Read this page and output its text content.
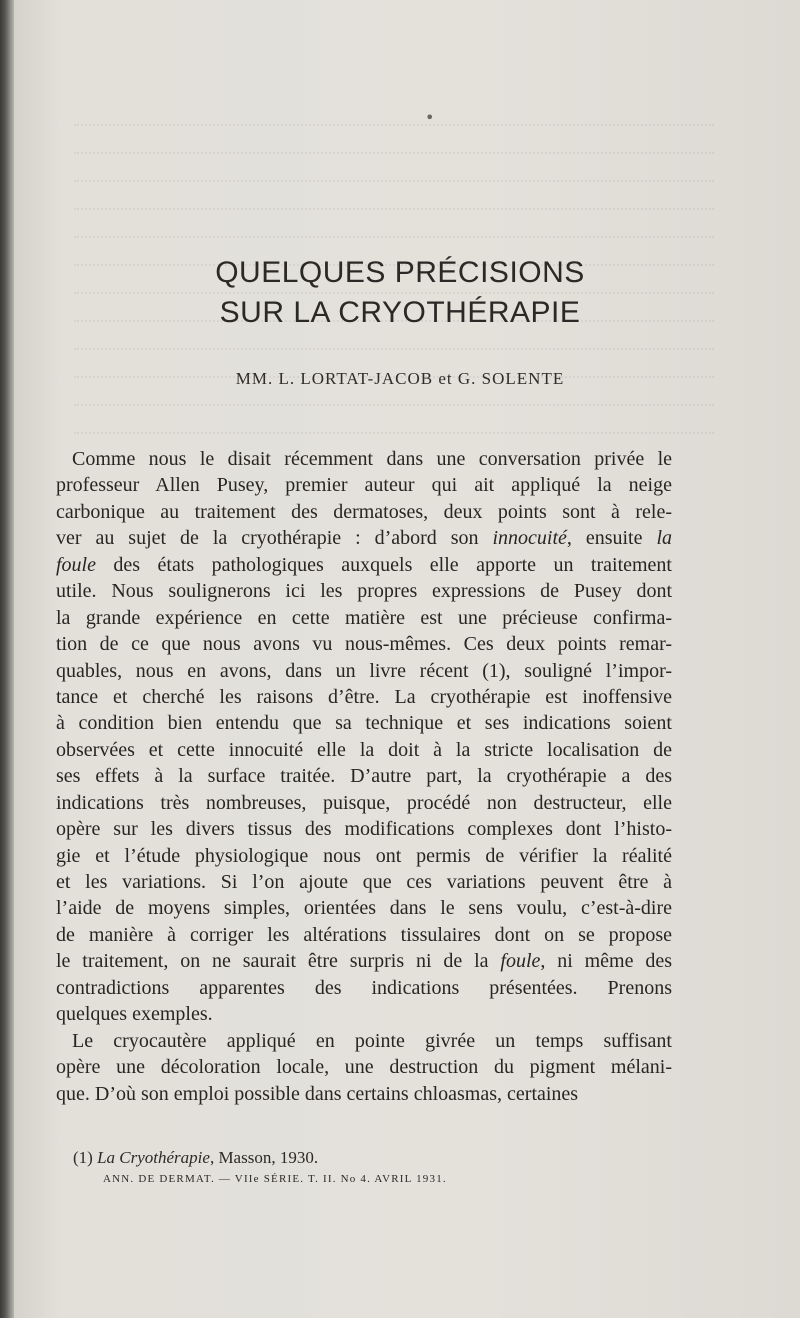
•
QUELQUES PRÉCISIONS
SUR LA CRYOTHÉRAPIE
MM. L. LORTAT-JACOB et G. SOLENTE
Comme nous le disait récemment dans une conversation privée le
professeur Allen Pusey, premier auteur qui ait appliqué la neige
carbonique au traitement des dermatoses, deux points sont à rele-
ver au sujet de la cryothérapie : d’abord son innocuité, ensuite la
foule des états pathologiques auxquels elle apporte un traitement
utile. Nous soulignerons ici les propres expressions de Pusey dont
la grande expérience en cette matière est une précieuse confirma-
tion de ce que nous avons vu nous-mêmes. Ces deux points remar-
quables, nous en avons, dans un livre récent (1), souligné l’impor-
tance et cherché les raisons d’être. La cryothérapie est inoffensive
à condition bien entendu que sa technique et ses indications soient
observées et cette innocuité elle la doit à la stricte localisation de
ses effets à la surface traitée. D’autre part, la cryothérapie a des
indications très nombreuses, puisque, procédé non destructeur, elle
opère sur les divers tissus des modifications complexes dont l’histo-
gie et l’étude physiologique nous ont permis de vérifier la réalité
et les variations. Si l’on ajoute que ces variations peuvent être à
l’aide de moyens simples, orientées dans le sens voulu, c’est-à-dire
de manière à corriger les altérations tissulaires dont on se propose
le traitement, on ne saurait être surpris ni de la foule, ni même des
contradictions apparentes des indications présentées. Prenons
quelques exemples.
Le cryocautère appliqué en pointe givrée un temps suffisant
opère une décoloration locale, une destruction du pigment mélani-
que. D’où son emploi possible dans certains chloasmas, certaines
(1) La Cryothérapie, Masson, 1930.
ANN. DE DERMAT. — VIIe SÉRIE. T. II. No 4. AVRIL 1931.
